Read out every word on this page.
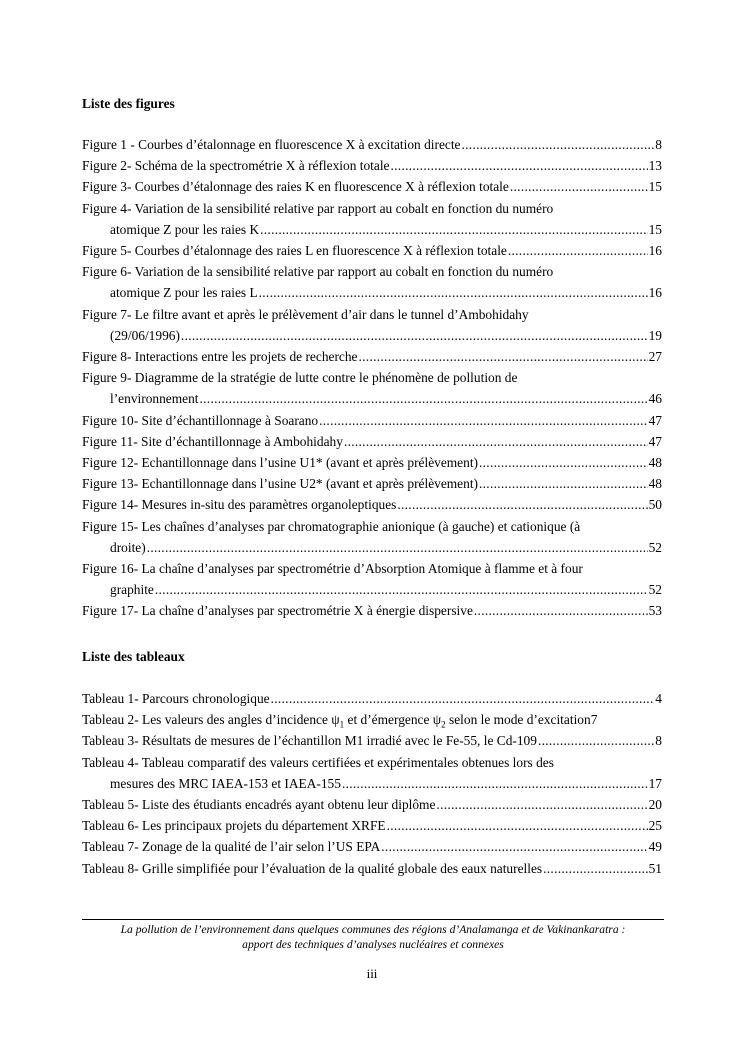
Liste des figures
Figure 1 - Courbes d’étalonnage en fluorescence X à excitation directe .....	8
Figure 2- Schéma de la spectrométrie X à réflexion totale .....	13
Figure 3- Courbes d’étalonnage des raies K en fluorescence X à réflexion totale .....	15
Figure 4- Variation de la sensibilité relative par rapport au cobalt en fonction du numéro
atomique Z pour les raies K .....	15
Figure 5- Courbes d’étalonnage des raies L en fluorescence X à réflexion totale .....	16
Figure 6- Variation de la sensibilité relative par rapport au cobalt en fonction du numéro
atomique Z pour les raies L .....	16
Figure 7- Le filtre avant et après le prélèvement d’air dans le tunnel d’Ambohidahy
(29/06/1996) .....	19
Figure 8- Interactions entre les projets de recherche .....	27
Figure 9- Diagramme de la stratégie de lutte contre le phénomène de pollution de
l’environnement .....	46
Figure 10- Site d’échantillonnage à Soarano .....	47
Figure 11- Site d’échantillonnage à Ambohidahy .....	47
Figure 12- Echantillonnage dans l’usine U1* (avant et après prélèvement) .....	48
Figure 13- Echantillonnage dans l’usine U2* (avant et après prélèvement) .....	48
Figure 14- Mesures in-situ des paramètres organoleptiques .....	50
Figure 15- Les chaînes d’analyses par chromatographie anionique (à gauche) et cationique (à
droite) .....	52
Figure 16- La chaîne d’analyses par spectrométrie d’Absorption Atomique à flamme et à four
graphite .....	52
Figure 17- La chaîne d’analyses par spectrométrie X à énergie dispersive .....	53
Liste des tableaux
Tableau 1- Parcours chronologique .....	4
Tableau 2- Les valeurs des angles d’incidence $\psi_1$ et d’émergence $\psi_2$ selon le mode d’excitation 7
Tableau 3- Résultats de mesures de l’échantillon M1 irradié avec le Fe-55, le Cd-109 .....	8
Tableau 4- Tableau comparatif des valeurs certifiées et expérimentales obtenues lors des
mesures des MRC IAEA-153 et IAEA-155 .....	17
Tableau 5- Liste des étudiants encadrés ayant obtenu leur diplôme .....	20
Tableau 6- Les principaux projets du département XRFE .....	25
Tableau 7- Zonage de la qualité de l’air selon l’US EPA .....	49
Tableau 8- Grille simplifiée pour l’évaluation de la qualité globale des eaux naturelles .....	51
La pollution de l’environnement dans quelques communes des régions d’Analamanga et de Vakinankaratra :
apport des techniques d’analyses nucléaires et connexes
iii
